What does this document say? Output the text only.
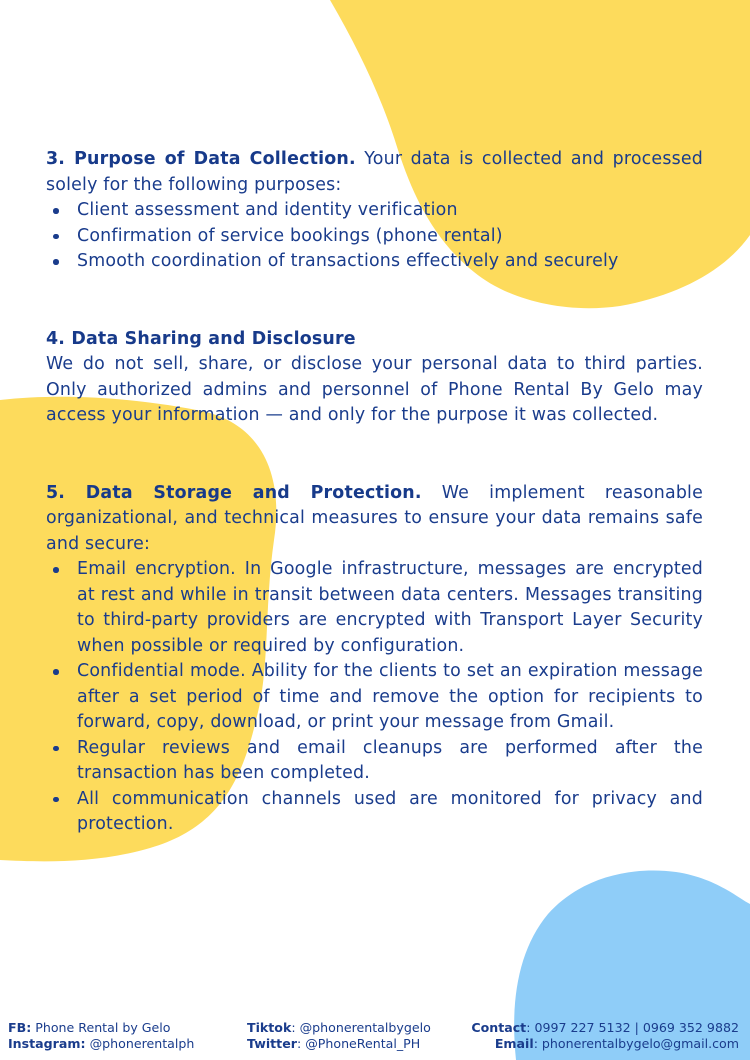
3. Purpose of Data Collection. Your data is collected and processed solely for the following purposes:

Client assessment and identity verification
Confirmation of service bookings (phone rental)
Smooth coordination of transactions effectively and securely
4. Data Sharing and Disclosure

We do not sell, share, or disclose your personal data to third parties. Only authorized admins and personnel of Phone Rental By Gelo may access your information — and only for the purpose it was collected.

5. Data Storage and Protection. We implement reasonable organizational, and technical measures to ensure your data remains safe and secure:

Email encryption. In Google infrastructure, messages are encrypted at rest and while in transit between data centers. Messages transiting to third-party providers are encrypted with Transport Layer Security when possible or required by configuration.
Confidential mode. Ability for the clients to set an expiration message after a set period of time and remove the option for recipients to forward, copy, download, or print your message from Gmail.
Regular reviews and email cleanups are performed after the transaction has been completed.
All communication channels used are monitored for privacy and protection.
FB: Phone Rental by Gelo
Instagram: @phonerentalph
Tiktok: @phonerentalbygelo
Twitter: @PhoneRental_PH
Contact: 0997 227 5132 | 0969 352 9882
Email: phonerentalbygelo@gmail.com
